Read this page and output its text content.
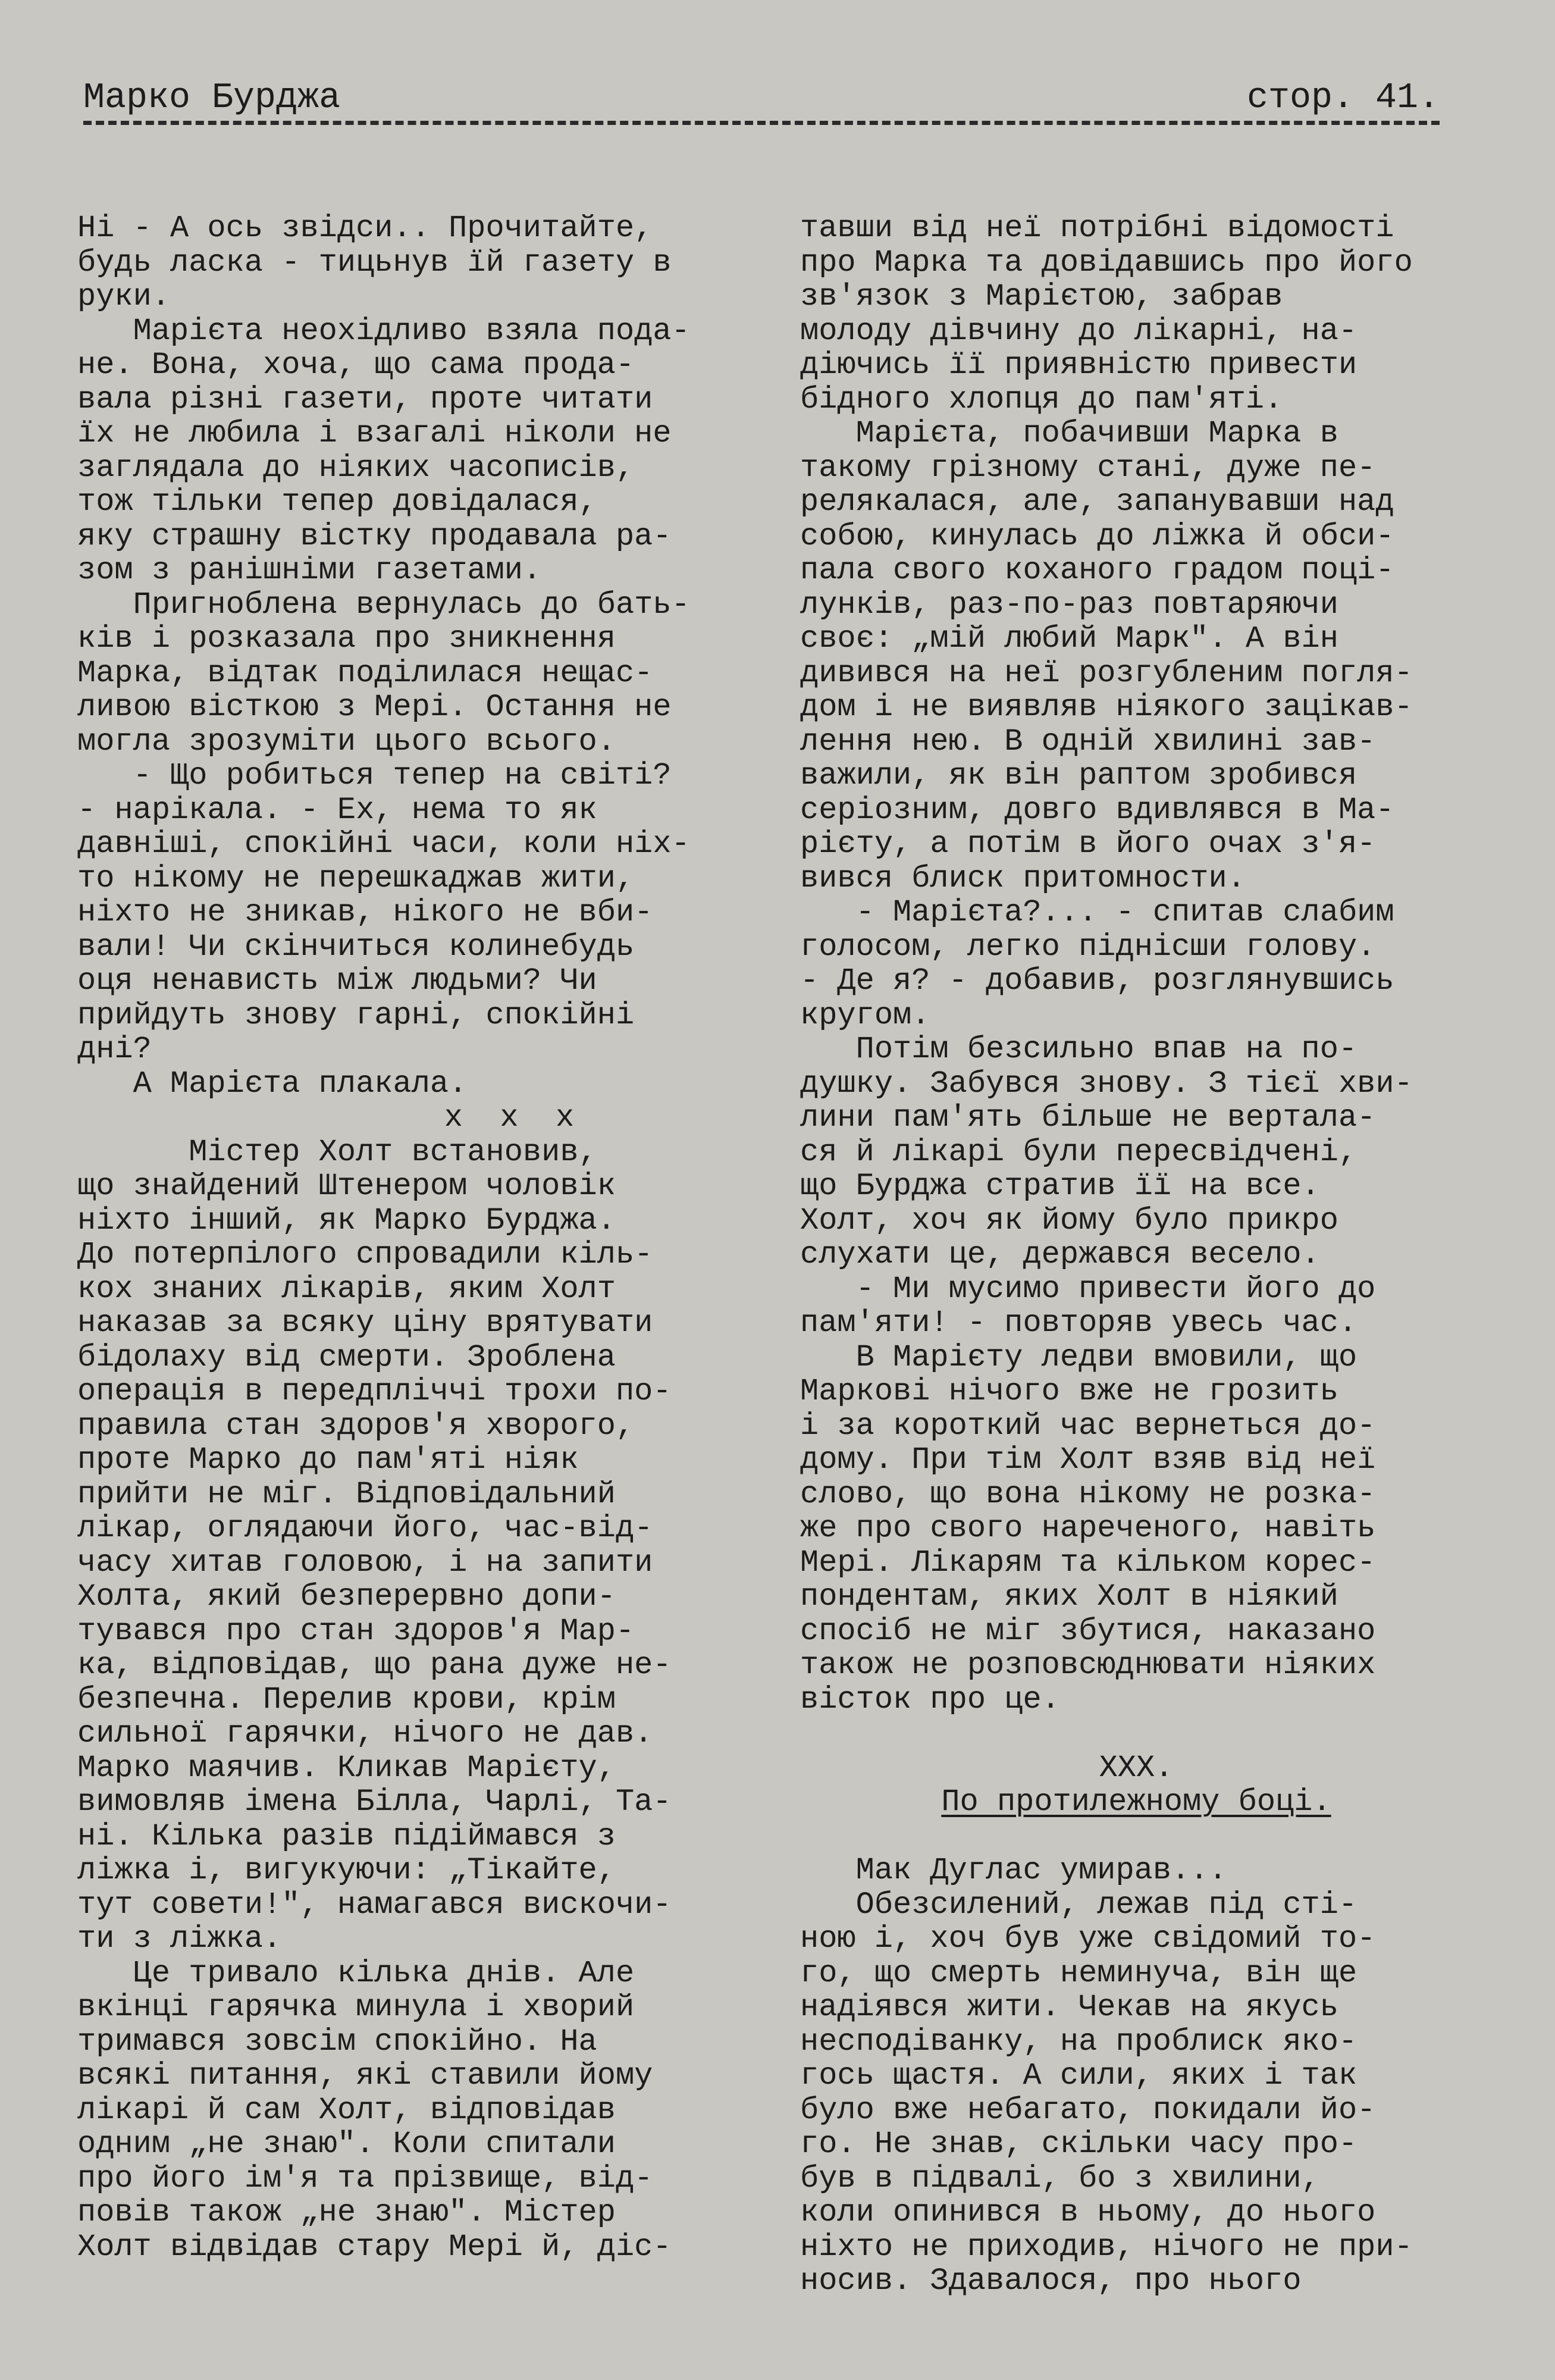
Марко Бурджа	стор. 41.
Ні - А ось звідси.. Прочитайте,
будь ласка - тицьнув їй газету в
руки.
Марієта неохідливо взяла пода-
не. Вона, хоча, що сама продa-
вала різні газети, проте читати
їх не любила і взагалі ніколи не
заглядала до ніяких часописів,
тож тільки тепер довідалася,
яку страшну вістку продавала ра-
зом з ранішніми газетами.
Пригноблена вернулась до бать-
ків і розказала про зникнення
Марка, відтак поділилася нещас-
ливою вісткою з Мері. Остання не
могла зрозуміти цього всього.
- Що робиться тепер на світі?
- нарікала. - Ех, нема то як
давніші, спокійні часи, коли ніх-
то нікому не перешкаджав жити,
ніхто не зникав, нікого не вби-
вали! Чи скінчиться колинебудь
оця ненависть між людьми? Чи
прийдуть знову гарні, спокійні
дні?
А Марієта плакала.
х  х  х
Містер Холт встановив,
що знайдений Штенером чоловік
ніхто інший, як Марко Бурджа.
До потерпілого спровадили кіль-
кох знаних лікарів, яким Холт
наказав за всяку ціну врятувати
бідолаху від смерти. Зроблена
операція в передпліччі трохи по-
правила стан здоров'я хворого,
проте Марко до пам'яті ніяк
прийти не міг. Відповідальний
лікар, оглядаючи його, час-від-
часу хитав головою, і на запити
Холта, який безперервно допи-
тувався про стан здоров'я Мар-
ка, відповідав, що рана дуже не-
безпечна. Перелив крови, крім
сильної гарячки, нічого не дав.
Марко маячив. Кликав Марієту,
вимовляв імена Білла, Чарлі, Та-
ні. Кілька разів підіймався з
ліжка і, вигукуючи: „Тікайте,
тут совети!", намагався вискочи-
ти з ліжка.
Це тривало кілька днів. Але
вкінці гарячка минула і хворий
тримався зовсім спокійно. На
всякі питання, які ставили йому
лікарі й сам Холт, відповідав
одним „не знаю". Коли спитали
про його ім'я та прізвище, від-
повів також „не знаю". Містер
Холт відвідав стару Мері й, діс-
тавши від неї потрібні відомості
про Марка та довідавшись про його
зв'язок з Марієтою, забрав
молоду дівчину до лікарні, на-
діючись її приявністю привести
бідного хлопця до пам'яті.
Марієта, побачивши Марка в
такому грізному стані, дуже пе-
релякалася, але, запанувавши над
собою, кинулась до ліжка й обси-
пала свого коханого градом поці-
лунків, раз-по-раз повтаряючи
своє: „мій любий Марк". А він
дивився на неї розгубленим погля-
дом і не виявляв ніякого зацікав-
лення нею. В одній хвилині зав-
важили, як він раптом зробився
серіозним, довго вдивлявся в Ма-
рієту, а потім в його очах з'я-
вився блиск притомности.
- Марієта?... - спитав слабим
голосом, легко піднісши голову.
- Де я? - добавив, розглянувшись
кругом.
Потім безсильно впав на по-
душку. Забувся знову. З тієї хви-
лини пам'ять більше не вертала-
ся й лікарі були пересвідчені,
що Бурджа стратив її на все.
Холт, хоч як йому було прикро
слухати це, держався весело.
- Ми мусимо привести його до
пам'яти! - повторяв увесь час.
В Марієту ледви вмовили, що
Маркові нічого вже не грозить
і за короткий час вернеться до-
дому. При тім Холт взяв від неї
слово, що вона нікому не розка-
же про свого нареченого, навіть
Мері. Лікарям та кільком корес-
пондентам, яких Холт в ніякий
спосіб не міг збутися, наказано
також не розповсюднювати ніяких
вісток про це.
XXX.
По протилежному боці.
Мак Дуглас умирав...
Обезсилений, лежав під сті-
ною і, хоч був уже свідомий то-
го, що смерть неминуча, він ще
надіявся жити. Чекав на якусь
несподіванку, на проблиск яко-
гось щастя. А сили, яких і так
було вже небагато, покидали йо-
го. Не знав, скільки часу про-
був в підвалі, бо з хвилини,
коли опинився в ньому, до нього
ніхто не приходив, нічого не при-
носив. Здавалося, про нього
